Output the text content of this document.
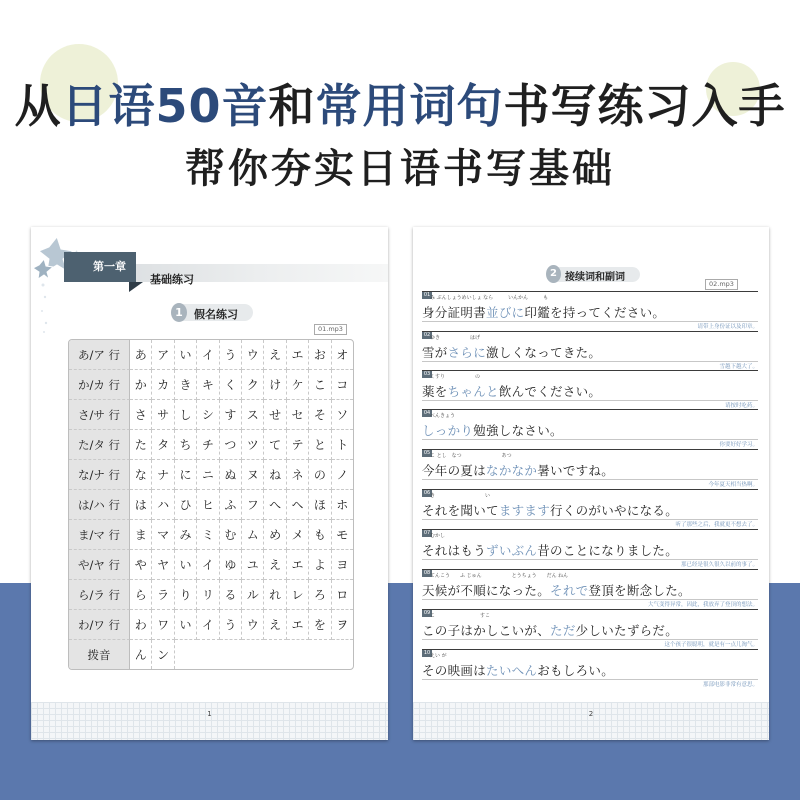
从日语50音和常用词句书写练习入手
帮你夯实日语书写基础
第一章
基础练习
1	假名练习
01.mp3
あ/ア 行	あ	ア	い	イ	う	ウ	え	エ	お	オ
か/カ 行	か	カ	き	キ	く	ク	け	ケ	こ	コ
さ/サ 行	さ	サ	し	シ	す	ス	せ	セ	そ	ソ
た/タ 行	た	タ	ち	チ	つ	ツ	て	テ	と	ト
な/ナ 行	な	ナ	に	ニ	ぬ	ヌ	ね	ネ	の	ノ
は/ハ 行	は	ハ	ひ	ヒ	ふ	フ	へ	ヘ	ほ	ホ
ま/マ 行	ま	マ	み	ミ	む	ム	め	メ	も	モ
や/ヤ 行	や	ヤ	い	イ	ゆ	ユ	え	エ	よ	ヨ
ら/ラ 行	ら	ラ	り	リ	る	ル	れ	レ	ろ	ロ
わ/ワ 行	わ	ワ	い	イ	う	ウ	え	エ	を	ヲ
拨音	ん	ン								
1
2 接续词和副词
02.mp3
01 み ぶんしょうめいしょ なら　　　いんかん　　　も
身分証明書並びに印鑑を持ってください。
请带上身份证以及印章。
02 ゆき　　　　　　はげ
雪がさらに激しくなってきた。
雪越下越大了。
03 くすり　　　　　　の
薬をちゃんと飲んでください。
请按时吃药。
04 べんきょう
しっかり勉強しなさい。
你要好好学习。
05 こ とし　なつ　　　　　　　　あつ
今年の夏はなかなか暑いですね。
今年夏天相当热啊。
06 き　　　　　　　　　　い
それを聞いてますます行くのがいやになる。
听了那些之后，我就更不想去了。
07 むかし
それはもうずいぶん昔のことになりました。
那已经是很久很久以前的事了。
08 てんこう　　ふ じゅん　　　　　　とうちょう　　だん ねん
天候が不順になった。それで登頂を断念した。
大气变得异常，因此，我放弃了登顶的想法。
09 こ　　　　　　　　　すこ
この子はかしこいが、ただ少しいたずらだ。
这个孩子很聪明，就是有一点儿淘气。
10 えい が
その映画はたいへんおもしろい。
那部电影非常有意思。
2
